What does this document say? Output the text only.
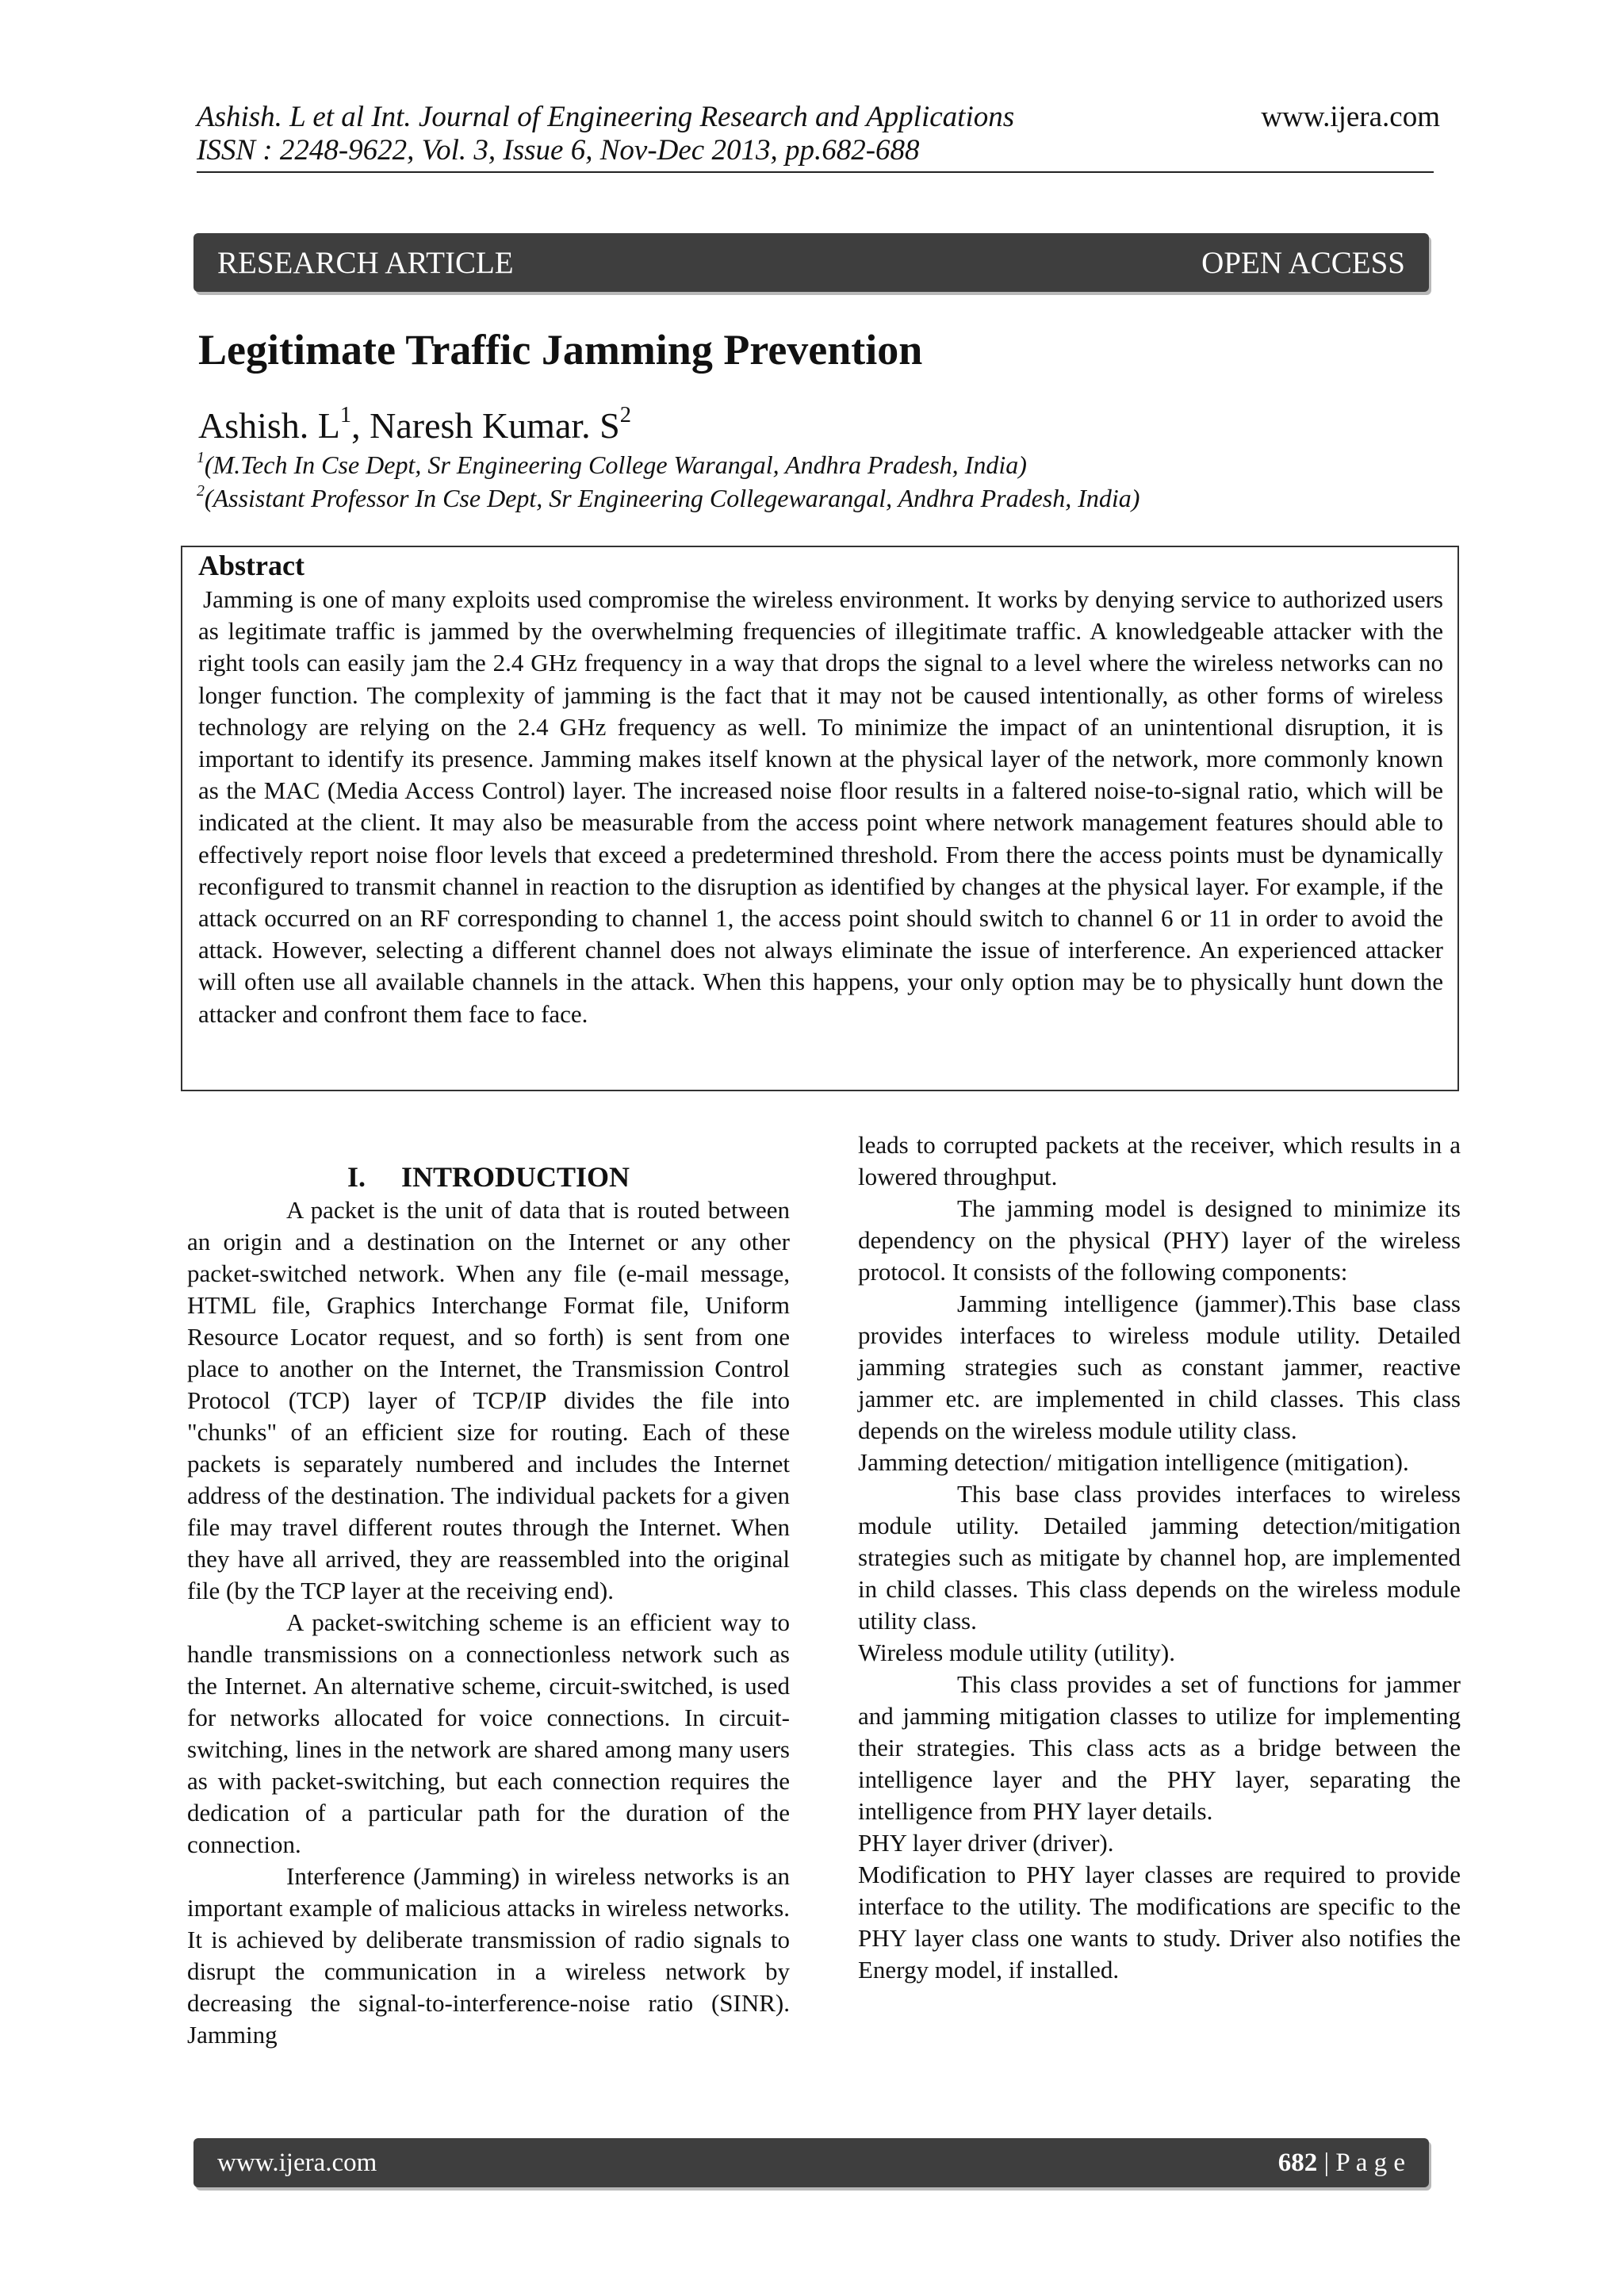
Ashish. L et al Int. Journal of Engineering Research and Applications	www.ijera.com
ISSN : 2248-9622, Vol. 3, Issue 6, Nov-Dec 2013, pp.682-688
RESEARCH ARTICLE	OPEN ACCESS
Legitimate Traffic Jamming Prevention
Ashish. $L^1$, Naresh Kumar. $S^2$
$^1$(M.Tech In Cse Dept, Sr Engineering College Warangal, Andhra Pradesh, India)
$^2$(Assistant Professor In Cse Dept, Sr Engineering Collegewarangal, Andhra Pradesh, India)
Abstract
Jamming is one of many exploits used compromise the wireless environment. It works by denying service to authorized users as legitimate traffic is jammed by the overwhelming frequencies of illegitimate traffic. A knowledgeable attacker with the right tools can easily jam the 2.4 GHz frequency in a way that drops the signal to a level where the wireless networks can no longer function. The complexity of jamming is the fact that it may not be caused intentionally, as other forms of wireless technology are relying on the 2.4 GHz frequency as well. To minimize the impact of an unintentional disruption, it is important to identify its presence. Jamming makes itself known at the physical layer of the network, more commonly known as the MAC (Media Access Control) layer. The increased noise floor results in a faltered noise-to-signal ratio, which will be indicated at the client. It may also be measurable from the access point where network management features should able to effectively report noise floor levels that exceed a predetermined threshold. From there the access points must be dynamically reconfigured to transmit channel in reaction to the disruption as identified by changes at the physical layer. For example, if the attack occurred on an RF corresponding to channel 1, the access point should switch to channel 6 or 11 in order to avoid the attack. However, selecting a different channel does not always eliminate the issue of interference. An experienced attacker will often use all available channels in the attack. When this happens, your only option may be to physically hunt down the attacker and confront them face to face.
I.     INTRODUCTION

A packet is the unit of data that is routed between an origin and a destination on the Internet or any other packet-switched network. When any file (e-mail message, HTML file, Graphics Interchange Format file, Uniform Resource Locator request, and so forth) is sent from one place to another on the Internet, the Transmission Control Protocol (TCP) layer of TCP/IP divides the file into "chunks" of an efficient size for routing. Each of these packets is separately numbered and includes the Internet address of the destination. The individual packets for a given file may travel different routes through the Internet. When they have all arrived, they are reassembled into the original file (by the TCP layer at the receiving end).

A packet-switching scheme is an efficient way to handle transmissions on a connectionless network such as the Internet. An alternative scheme, circuit-switched, is used for networks allocated for voice connections. In circuit-switching, lines in the network are shared among many users as with packet-switching, but each connection requires the dedication of a particular path for the duration of the connection.

Interference (Jamming) in wireless networks is an important example of malicious attacks in wireless networks. It is achieved by deliberate transmission of radio signals to disrupt the communication in a wireless network by decreasing the signal-to-interference-noise ratio (SINR). Jamming

leads to corrupted packets at the receiver, which results in a lowered throughput.

The jamming model is designed to minimize its dependency on the physical (PHY) layer of the wireless protocol. It consists of the following components:

Jamming intelligence (jammer).This base class provides interfaces to wireless module utility. Detailed jamming strategies such as constant jammer, reactive jammer etc. are implemented in child classes. This class depends on the wireless module utility class.

Jamming detection/ mitigation intelligence (mitigation).

This base class provides interfaces to wireless module utility. Detailed jamming detection/mitigation strategies such as mitigate by channel hop, are implemented in child classes. This class depends on the wireless module utility class.

Wireless module utility (utility).

This class provides a set of functions for jammer and jamming mitigation classes to utilize for implementing their strategies. This class acts as a bridge between the intelligence layer and the PHY layer, separating the intelligence from PHY layer details.

PHY layer driver (driver).

Modification to PHY layer classes are required to provide interface to the utility. The modifications are specific to the PHY layer class one wants to study. Driver also notifies the Energy model, if installed.

www.ijera.com	682 | P a g e
